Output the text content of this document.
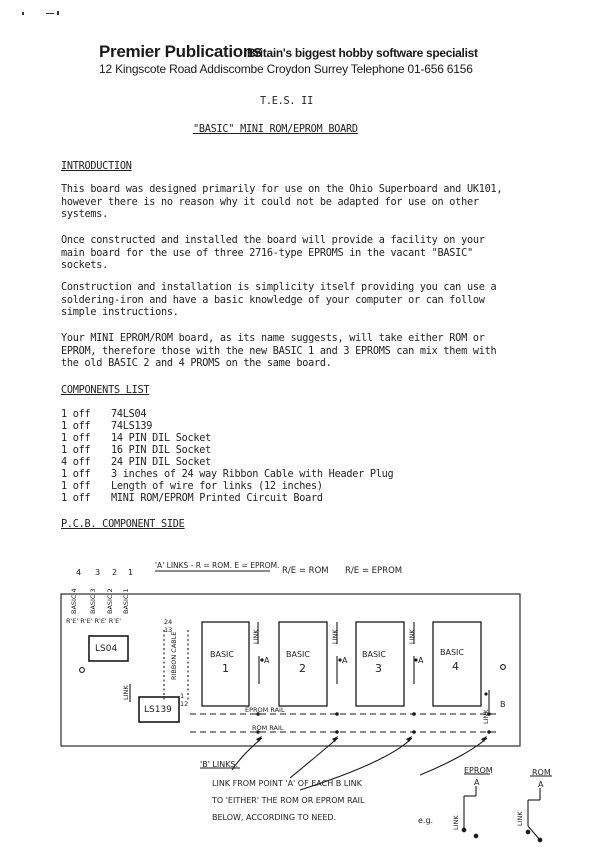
Premier Publications
Britain's biggest hobby software specialist
12 Kingscote Road Addiscombe Croydon Surrey Telephone 01-656 6156
T.E.S. II
"BASIC" MINI ROM/EPROM BOARD
INTRODUCTION
This board was designed primarily for use on the Ohio Superboard and UK101,
however there is no reason why it could not be adapted for use on other
systems.
Once constructed and installed the board will provide a facility on your
main board for the use of three 2716-type EPROMS in the vacant "BASIC"
sockets.
Construction and installation is simplicity itself providing you can use a
soldering-iron and have a basic knowledge of your computer or can follow
simple instructions.
Your MINI EPROM/ROM board, as its name suggests, will take either ROM or
EPROM, therefore those with the new BASIC 1 and 3 EPROMS can mix them with
the old BASIC 2 and 4 PROMS on the same board.
COMPONENTS LIST
1 off 74LS04
1 off 74LS139
1 off 14 PIN DIL Socket
1 off 16 PIN DIL Socket
4 off 24 PIN DIL Socket
1 off 3 inches of 24 way Ribbon Cable with Header Plug
1 off Length of wire for links (12 inches)
1 off MINI ROM/EPROM Printed Circuit Board
P.C.B. COMPONENT SIDE
'A' LINKS - R = ROM. E = EPROM.
R/E = ROM R/E = EPROM
4 3 2 1
BASIC 4 BASIC 3 BASIC 2 BASIC 1
R'E' R'E' R'E' R'E'
LS04
LS139
RIBBON CABLE
LINK
24
13
12
1
BASIC
1
BASIC
2
BASIC
3
BASIC
4
LINK	LINK	LINK
LINK
A	A	A
B
EPROM RAIL
ROM RAIL
'B' LINKS.
LINK FROM POINT 'A' OF EACH B LINK
TO 'EITHER' THE ROM OR EPROM RAIL
BELOW, ACCORDING TO NEED.	e.g.
EPROM
A
LINK
ROM
A
LINK
